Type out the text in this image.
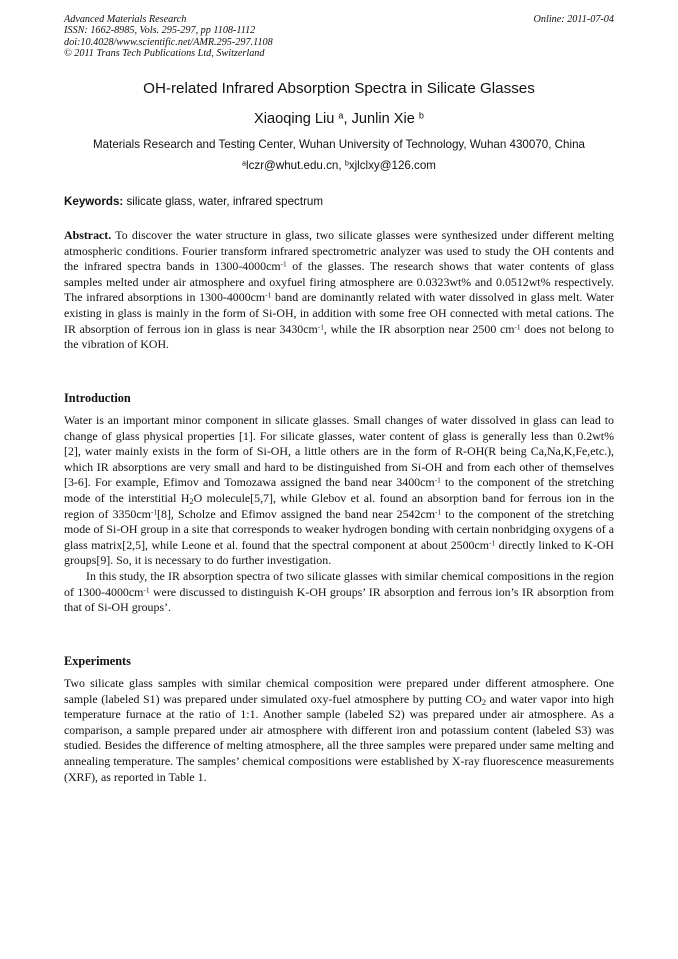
Advanced Materials Research	Online: 2011-07-04
ISSN: 1662-8985, Vols. 295-297, pp 1108-1112
doi:10.4028/www.scientific.net/AMR.295-297.1108
© 2011 Trans Tech Publications Ltd, Switzerland
OH-related Infrared Absorption Spectra in Silicate Glasses
Xiaoqing Liu $^a$, Junlin Xie $^b$
Materials Research and Testing Center, Wuhan University of Technology, Wuhan 430070, China
$^a$lczr@whut.edu.cn, $^b$xjlclxy@126.com
Keywords: silicate glass, water, infrared spectrum

Abstract. To discover the water structure in glass, two silicate glasses were synthesized under different melting atmospheric conditions. Fourier transform infrared spectrometric analyzer was used to study the OH contents and the infrared spectra bands in $1300-4000cm^{-1}$ of the glasses. The research shows that water contents of glass samples melted under air atmosphere and oxyfuel firing atmosphere are 0.0323wt% and 0.0512wt% respectively. The infrared absorptions in $1300-4000cm^{-1}$ band are dominantly related with water dissolved in glass melt. Water existing in glass is mainly in the form of Si-OH, in addition with some free OH connected with metal cations. The IR absorption of ferrous ion in glass is near $3430cm^{-1}$, while the IR absorption near 2500 $cm^{-1}$ does not belong to the vibration of KOH.

Introduction

Water is an important minor component in silicate glasses. Small changes of water dissolved in glass can lead to change of glass physical properties [1]. For silicate glasses, water content of glass is generally less than 0.2wt% [2], water mainly exists in the form of Si-OH, a little others are in the form of R-OH(R being Ca,Na,K,Fe,etc.), which IR absorptions are very small and hard to be distinguished from Si-OH and from each other of themselves [3-6]. For example, Efimov and Tomozawa assigned the band near $3400cm^{-1}$ to the component of the stretching mode of the interstitial $H_2O$ molecule[5,7], while Glebov et al. found an absorption band for ferrous ion in the region of $3350cm^{-1}[8]$, Scholze and Efimov assigned the band near $2542cm^{-1}$ to the component of the stretching mode of Si-OH group in a site that corresponds to weaker hydrogen bonding with certain nonbridging oxygens of a glass matrix[2,5], while Leone et al. found that the spectral component at about $2500cm^{-1}$ directly linked to K-OH groups[9]. So, it is necessary to do further investigation.

In this study, the IR absorption spectra of two silicate glasses with similar chemical compositions in the region of $1300-4000cm^{-1}$ were discussed to distinguish K-OH groups’ IR absorption and ferrous ion’s IR absorption from that of Si-OH groups’.

Experiments

Two silicate glass samples with similar chemical composition were prepared under different atmosphere. One sample (labeled S1) was prepared under simulated oxy-fuel atmosphere by putting $CO_2$ and water vapor into high temperature furnace at the ratio of 1:1. Another sample (labeled S2) was prepared under air atmosphere. As a comparison, a sample prepared under air atmosphere with different iron and potassium content (labeled S3) was studied. Besides the difference of melting atmosphere, all the three samples were prepared under same melting and annealing temperature. The samples’ chemical compositions were established by X-ray fluorescence measurements (XRF), as reported in Table 1.
